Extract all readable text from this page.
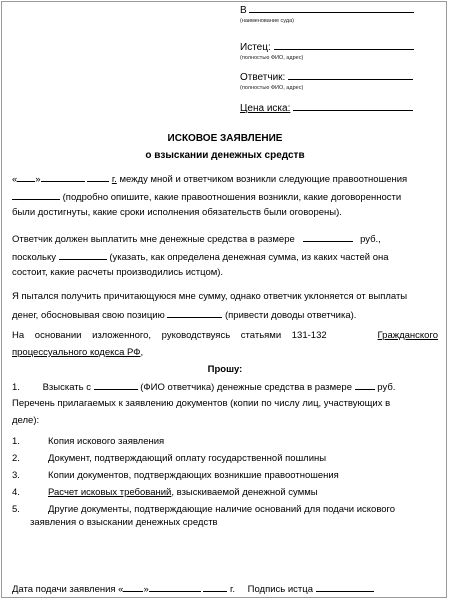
В
(наименование суда)
Истец:
(полностью ФИО, адрес)
Ответчик:
(полностью ФИО, адрес)
Цена иска:
ИСКОВОЕ ЗАЯВЛЕНИЕ
о взыскании денежных средств
« »	г. между мной и ответчиком возникли следующие правоотношения
(подробно опишите, какие правоотношения возникли, какие договоренности
были достигнуты, какие сроки исполнения обязательств были оговорены).
Ответчик должен выплатить мне денежные средства в размере	руб.,
поскольку	(указать, как определена денежная сумма, из каких частей она
состоит, какие расчеты производились истцом).
Я пытался получить причитающуюся мне сумму, однако ответчик уклоняется от выплаты
денег, обосновывая свою позицию	(привести доводы ответчика).
На основании изложенного, руководствуясь статьями 131-132	Гражданского
процессуального кодекса РФ,
Прошу:
1. Взыскать с	(ФИО ответчика) денежные средства в размере	руб.
Перечень прилагаемых к заявлению документов (копии по числу лиц, участвующих в
деле):
1.	Копия искового заявления
2.	Документ, подтверждающий оплату государственной пошлины
3.	Копии документов, подтверждающих возникшие правоотношения
4.	Расчет исковых требований, взыскиваемой денежной суммы
5.	Другие документы, подтверждающие наличие оснований для подачи искового
заявления о взыскании денежных средств
Дата подачи заявления « »	г. Подпись истца
